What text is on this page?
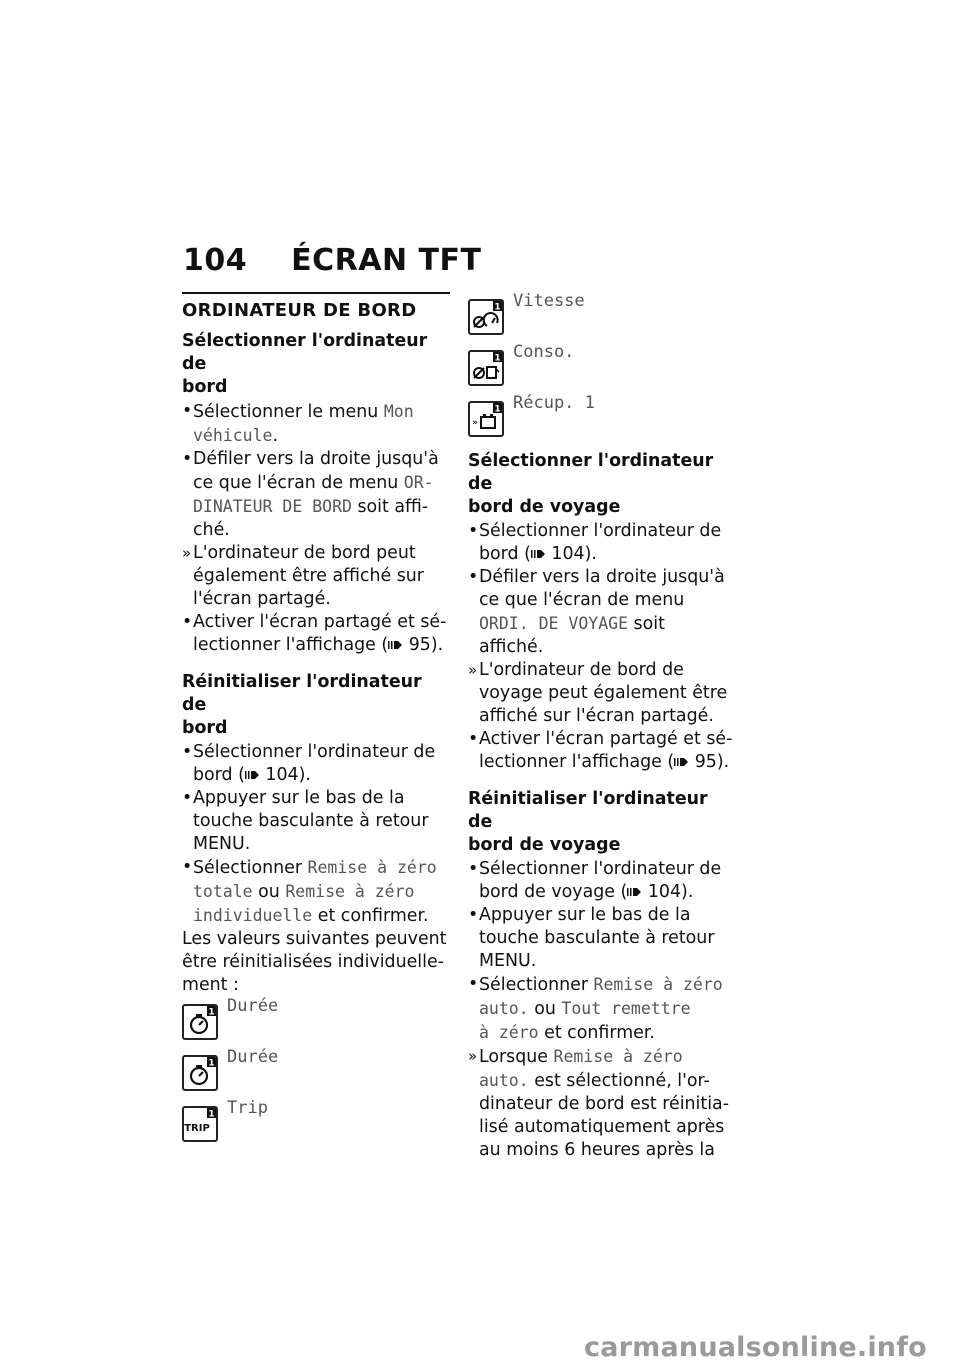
104 ÉCRAN TFT
ORDINATEUR DE BORD
Sélectionner l'ordinateur de
bord
• Sélectionner le menu Mon
véhicule.
• Défiler vers la droite jusqu'à
ce que l'écran de menu OR-
DINATEUR DE BORD soit affi-
ché.
» L'ordinateur de bord peut
également être affiché sur
l'écran partagé.
• Activer l'écran partagé et sé-
lectionner l'affichage ( 95).
Réinitialiser l'ordinateur de
bord
• Sélectionner l'ordinateur de
bord ( 104).
• Appuyer sur le bas de la
touche basculante à retour
MENU.
• Sélectionner Remise à zéro
totale ou Remise à zéro
individuelle et confirmer.
Les valeurs suivantes peuvent
être réinitialisées individuelle-
ment :
1 Durée
1 Durée
TRIP
1 Trip
1 Vitesse
1 Conso.
»
1 Récup. 1
Sélectionner l'ordinateur de
bord de voyage
• Sélectionner l'ordinateur de
bord ( 104).
• Défiler vers la droite jusqu'à
ce que l'écran de menu
ORDI. DE VOYAGE soit
affiché.
» L'ordinateur de bord de
voyage peut également être
affiché sur l'écran partagé.
• Activer l'écran partagé et sé-
lectionner l'affichage ( 95).
Réinitialiser l'ordinateur de
bord de voyage
• Sélectionner l'ordinateur de
bord de voyage ( 104).
• Appuyer sur le bas de la
touche basculante à retour
MENU.
• Sélectionner Remise à zéro
auto. ou Tout remettre
à zéro et confirmer.
» Lorsque Remise à zéro
auto. est sélectionné, l'or-
dinateur de bord est réinitia-
lisé automatiquement après
au moins 6 heures après la
carmanualsonline.info
